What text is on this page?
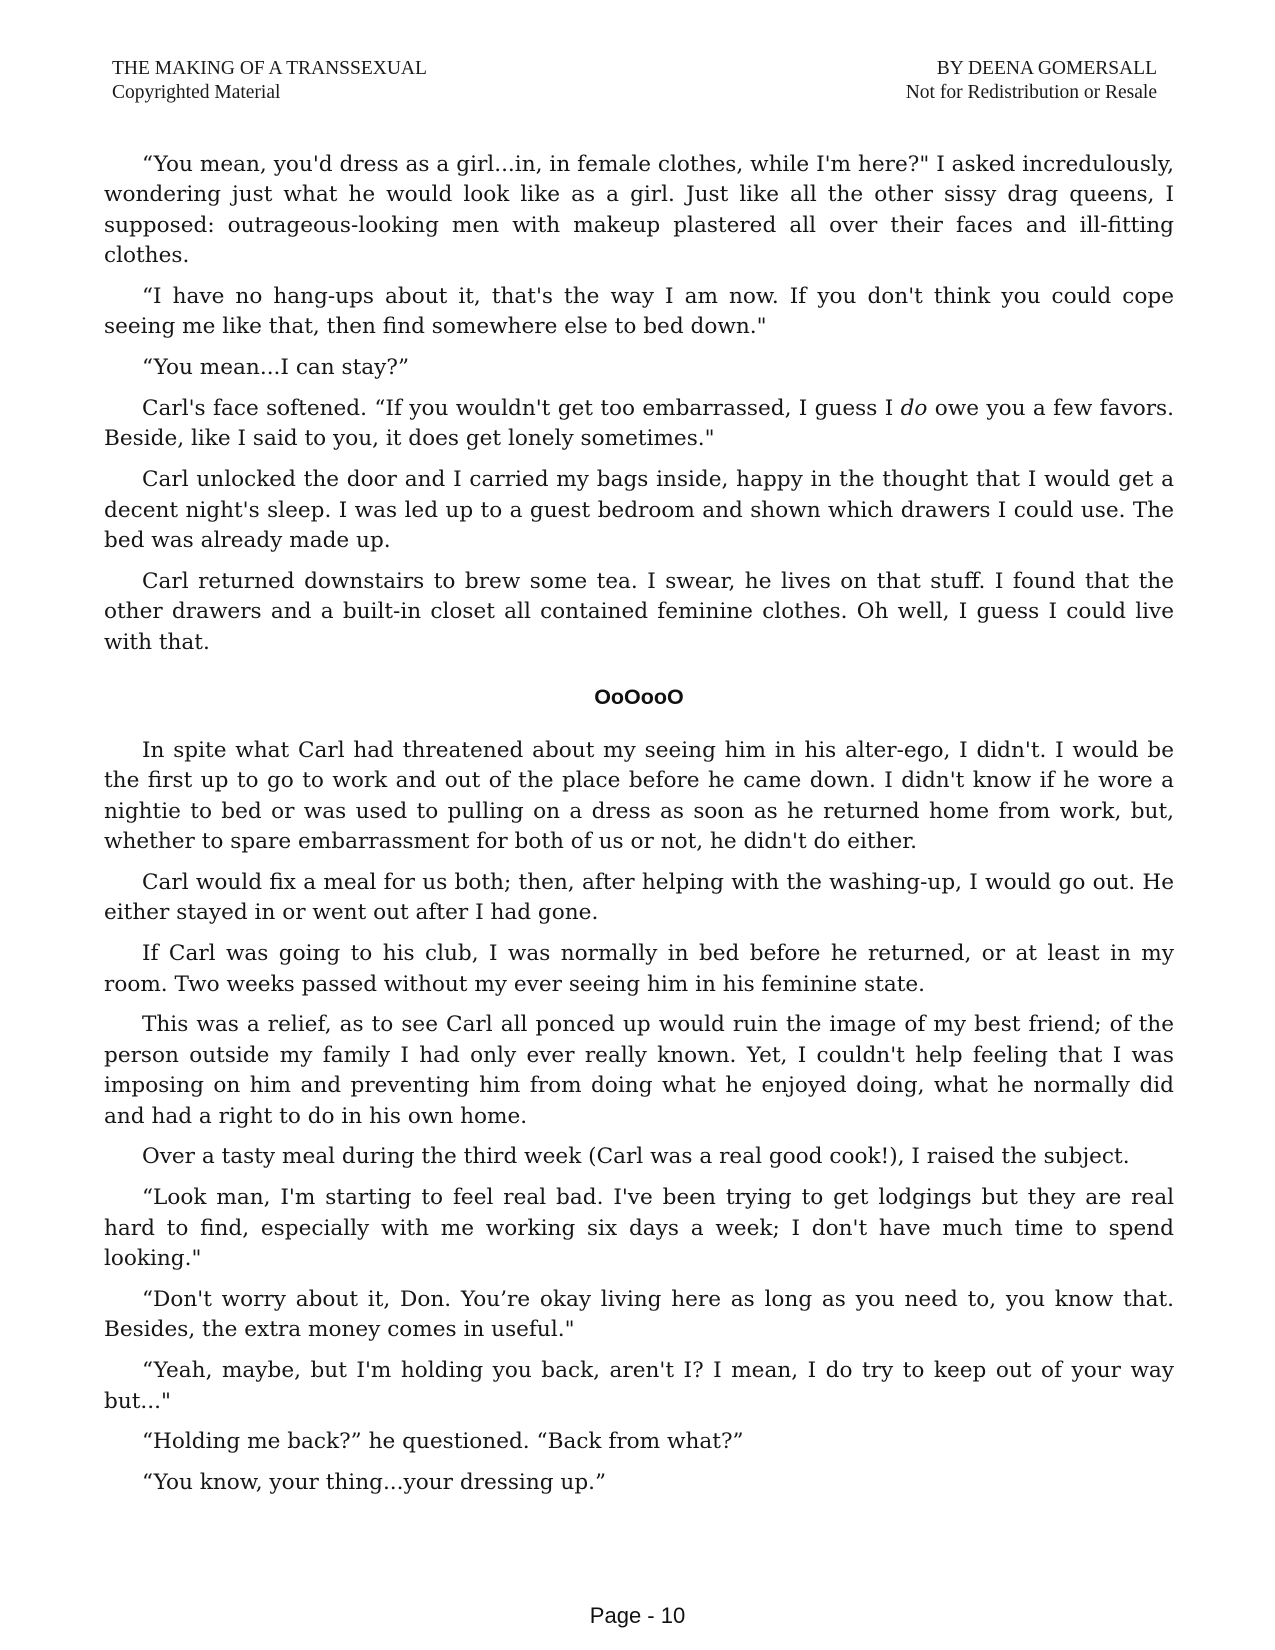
THE MAKING OF A TRANSSEXUAL
Copyrighted Material
BY DEENA GOMERSALL
Not for Redistribution or Resale

“You mean, you'd dress as a girl...in, in female clothes, while I'm here?" I asked incredulously, wondering just what he would look like as a girl. Just like all the other sissy drag queens, I supposed: outrageous-looking men with makeup plastered all over their faces and ill-fitting clothes.

“I have no hang-ups about it, that's the way I am now. If you don't think you could cope seeing me like that, then find somewhere else to bed down."

“You mean...I can stay?”

Carl's face softened. “If you wouldn't get too embarrassed, I guess I do owe you a few favors. Beside, like I said to you, it does get lonely sometimes."

Carl unlocked the door and I carried my bags inside, happy in the thought that I would get a decent night's sleep. I was led up to a guest bedroom and shown which drawers I could use. The bed was already made up.

Carl returned downstairs to brew some tea. I swear, he lives on that stuff. I found that the other drawers and a built-in closet all contained feminine clothes. Oh well, I guess I could live with that.

OoOooO

In spite what Carl had threatened about my seeing him in his alter-ego, I didn't. I would be the first up to go to work and out of the place before he came down. I didn't know if he wore a nightie to bed or was used to pulling on a dress as soon as he returned home from work, but, whether to spare embarrassment for both of us or not, he didn't do either.

Carl would fix a meal for us both; then, after helping with the washing-up, I would go out. He either stayed in or went out after I had gone.

If Carl was going to his club, I was normally in bed before he returned, or at least in my room. Two weeks passed without my ever seeing him in his feminine state.

This was a relief, as to see Carl all ponced up would ruin the image of my best friend; of the person outside my family I had only ever really known. Yet, I couldn't help feeling that I was imposing on him and preventing him from doing what he enjoyed doing, what he normally did and had a right to do in his own home.

Over a tasty meal during the third week (Carl was a real good cook!), I raised the subject.

“Look man, I'm starting to feel real bad. I've been trying to get lodgings but they are real hard to find, especially with me working six days a week; I don't have much time to spend looking."

“Don't worry about it, Don. You’re okay living here as long as you need to, you know that. Besides, the extra money comes in useful."

“Yeah, maybe, but I'm holding you back, aren't I? I mean, I do try to keep out of your way but..."

“Holding me back?” he questioned. “Back from what?”

“You know, your thing...your dressing up.”

Page - 10
